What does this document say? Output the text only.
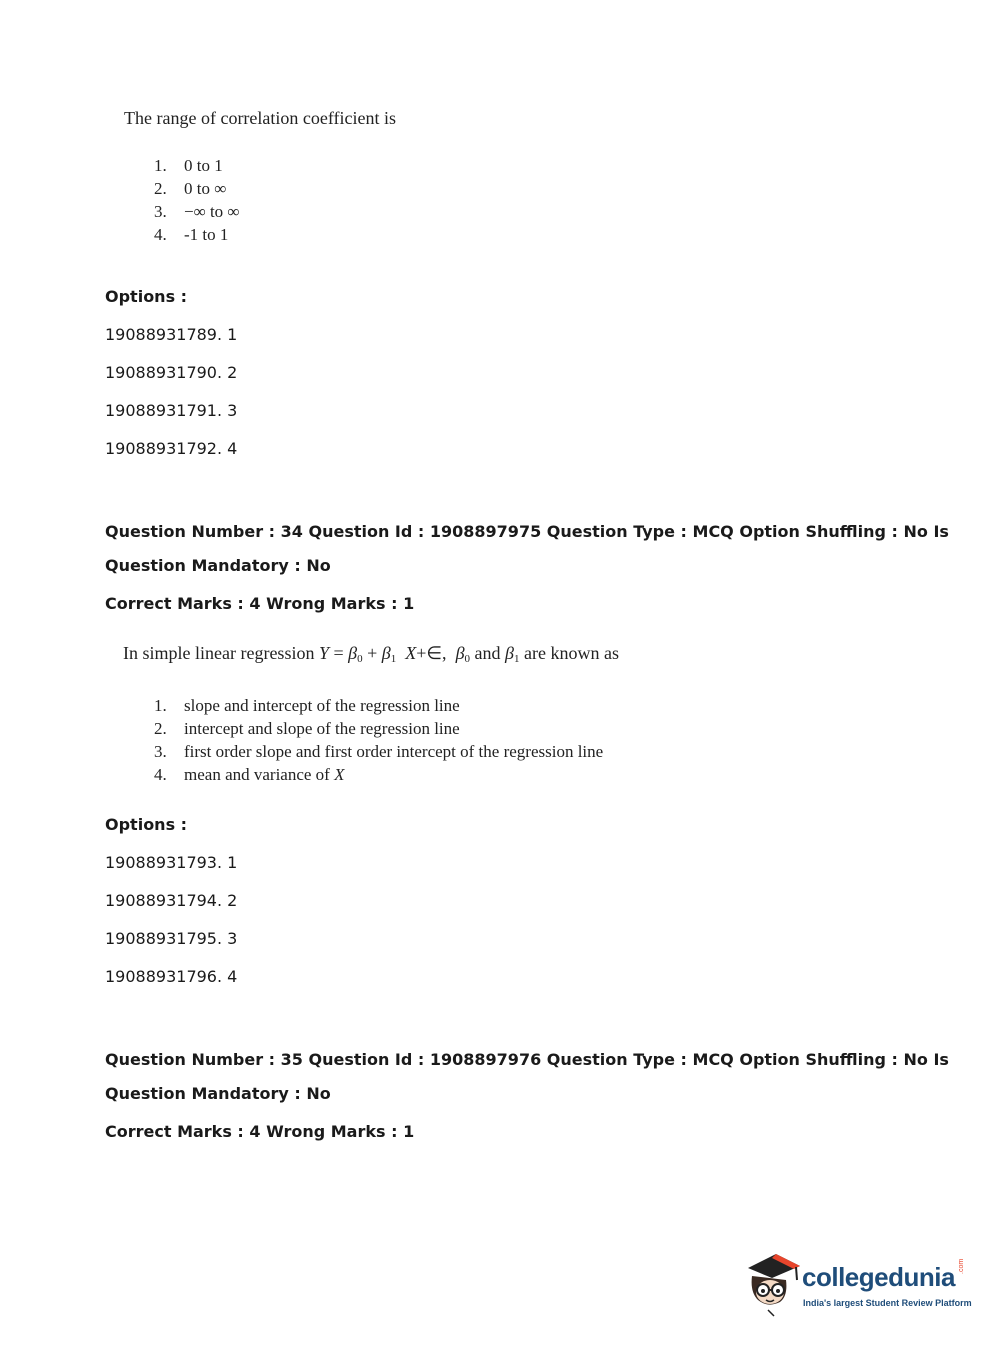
The range of correlation coefficient is
1. 0 to 1
2. 0 to ∞
3. −∞ to ∞
4. -1 to 1
Options :
19088931789. 1
19088931790. 2
19088931791. 3
19088931792. 4
Question Number : 34 Question Id : 1908897975 Question Type : MCQ Option Shuffling : No Is
Question Mandatory : No
Correct Marks : 4 Wrong Marks : 1
In simple linear regression $Y = \beta_0 + \beta_1$ X+∈, $\beta_0$ and $\beta_1$ are known as
1. slope and intercept of the regression line
2. intercept and slope of the regression line
3. first order slope and first order intercept of the regression line
4. mean and variance of X
Options :
19088931793. 1
19088931794. 2
19088931795. 3
19088931796. 4
Question Number : 35 Question Id : 1908897976 Question Type : MCQ Option Shuffling : No Is
Question Mandatory : No
Correct Marks : 4 Wrong Marks : 1
collegedunia .com
India's largest Student Review Platform
